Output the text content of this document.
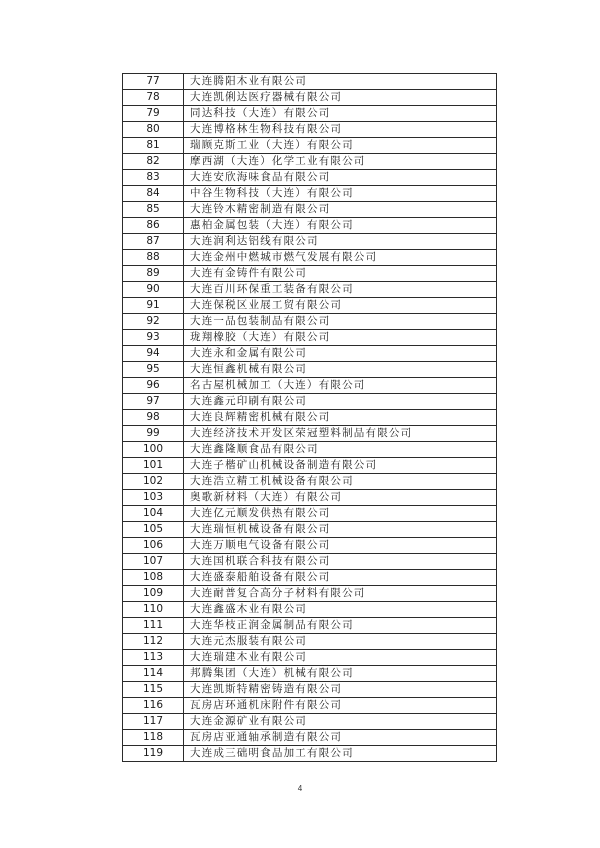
77	大连腾阳木业有限公司
78	大连凯俐达医疗器械有限公司
79	同达科技（大连）有限公司
80	大连博格林生物科技有限公司
81	瑞顾克斯工业（大连）有限公司
82	摩西湖（大连）化学工业有限公司
83	大连安欣海味食品有限公司
84	中谷生物科技（大连）有限公司
85	大连铃木精密制造有限公司
86	惠柏金属包装（大连）有限公司
87	大连润利达铝线有限公司
88	大连金州中燃城市燃气发展有限公司
89	大连有金铸件有限公司
90	大连百川环保重工装备有限公司
91	大连保税区业展工贸有限公司
92	大连一品包装制品有限公司
93	珑翔橡胶（大连）有限公司
94	大连永和金属有限公司
95	大连恒鑫机械有限公司
96	名古屋机械加工（大连）有限公司
97	大连鑫元印刷有限公司
98	大连良辉精密机械有限公司
99	大连经济技术开发区荣冠塑料制品有限公司
100	大连鑫隆顺食品有限公司
101	大连子楷矿山机械设备制造有限公司
102	大连浩立精工机械设备有限公司
103	奥歌新材料（大连）有限公司
104	大连亿元顺发供热有限公司
105	大连瑞恒机械设备有限公司
106	大连万顺电气设备有限公司
107	大连国机联合科技有限公司
108	大连盛泰船舶设备有限公司
109	大连耐普复合高分子材料有限公司
110	大连鑫盛木业有限公司
111	大连华枝正润金属制品有限公司
112	大连元杰服装有限公司
113	大连瑞建木业有限公司
114	邦腾集团（大连）机械有限公司
115	大连凯斯特精密铸造有限公司
116	瓦房店环通机床附件有限公司
117	大连金源矿业有限公司
118	瓦房店亚通轴承制造有限公司
119	大连成三础明食品加工有限公司
4
